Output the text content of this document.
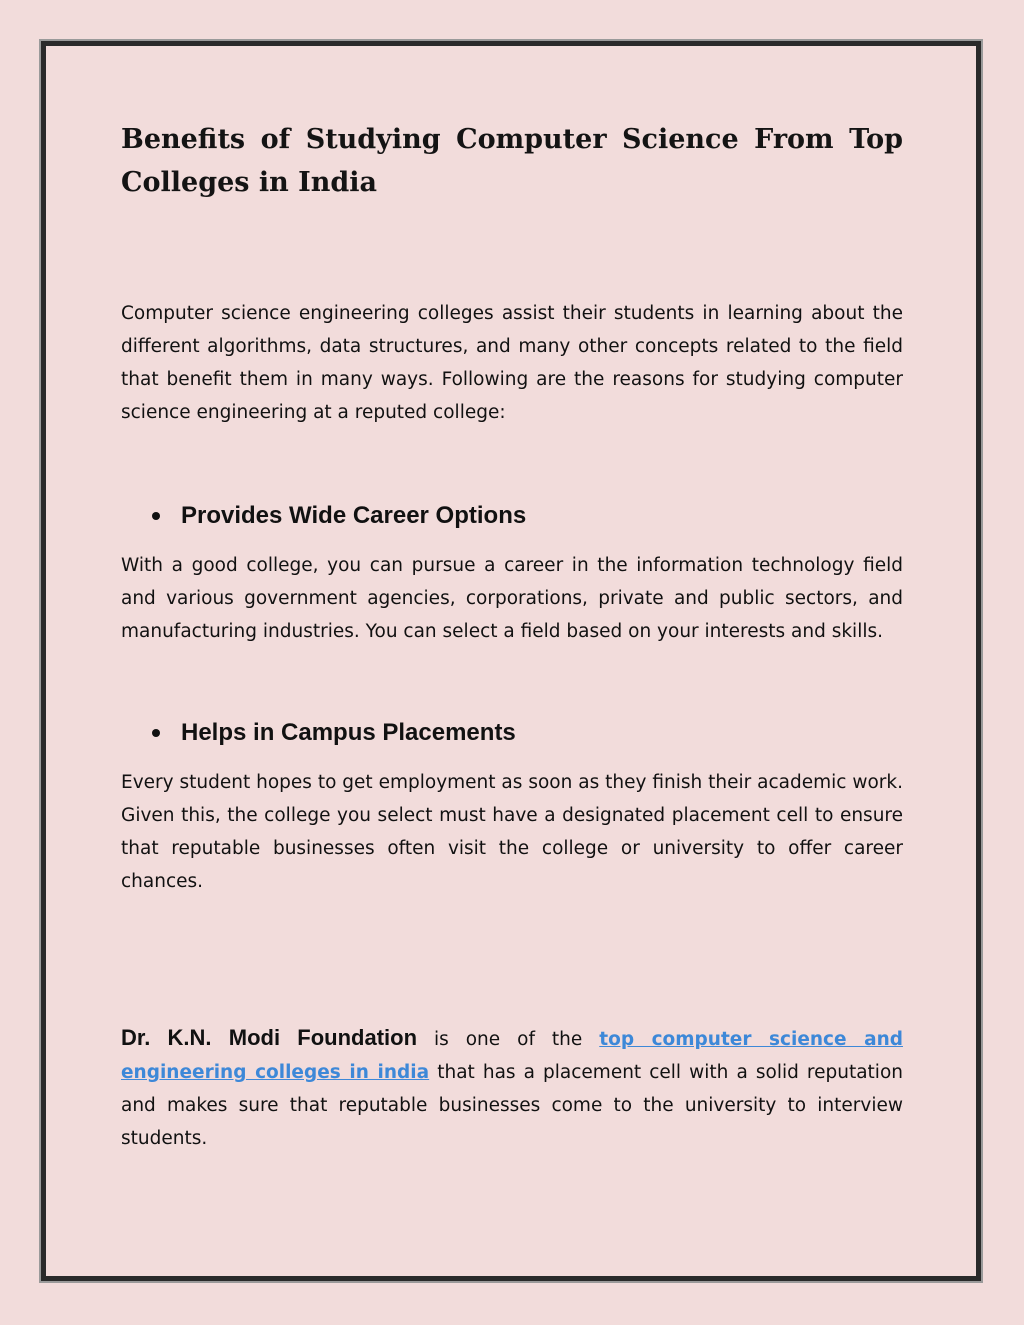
Benefits of Studying Computer Science From Top Colleges in India

Computer science engineering colleges assist their students in learning about the different algorithms, data structures, and many other concepts related to the field that benefit them in many ways. Following are the reasons for studying computer science engineering at a reputed college:

Provides Wide Career Options

With a good college, you can pursue a career in the information technology field and various government agencies, corporations, private and public sectors, and manufacturing industries. You can select a field based on your interests and skills.

Helps in Campus Placements

Every student hopes to get employment as soon as they finish their academic work. Given this, the college you select must have a designated placement cell to ensure that reputable businesses often visit the college or university to offer career chances.

Dr. K.N. Modi Foundation is one of the top computer science and engineering colleges in india that has a placement cell with a solid reputation and makes sure that reputable businesses come to the university to interview students.
